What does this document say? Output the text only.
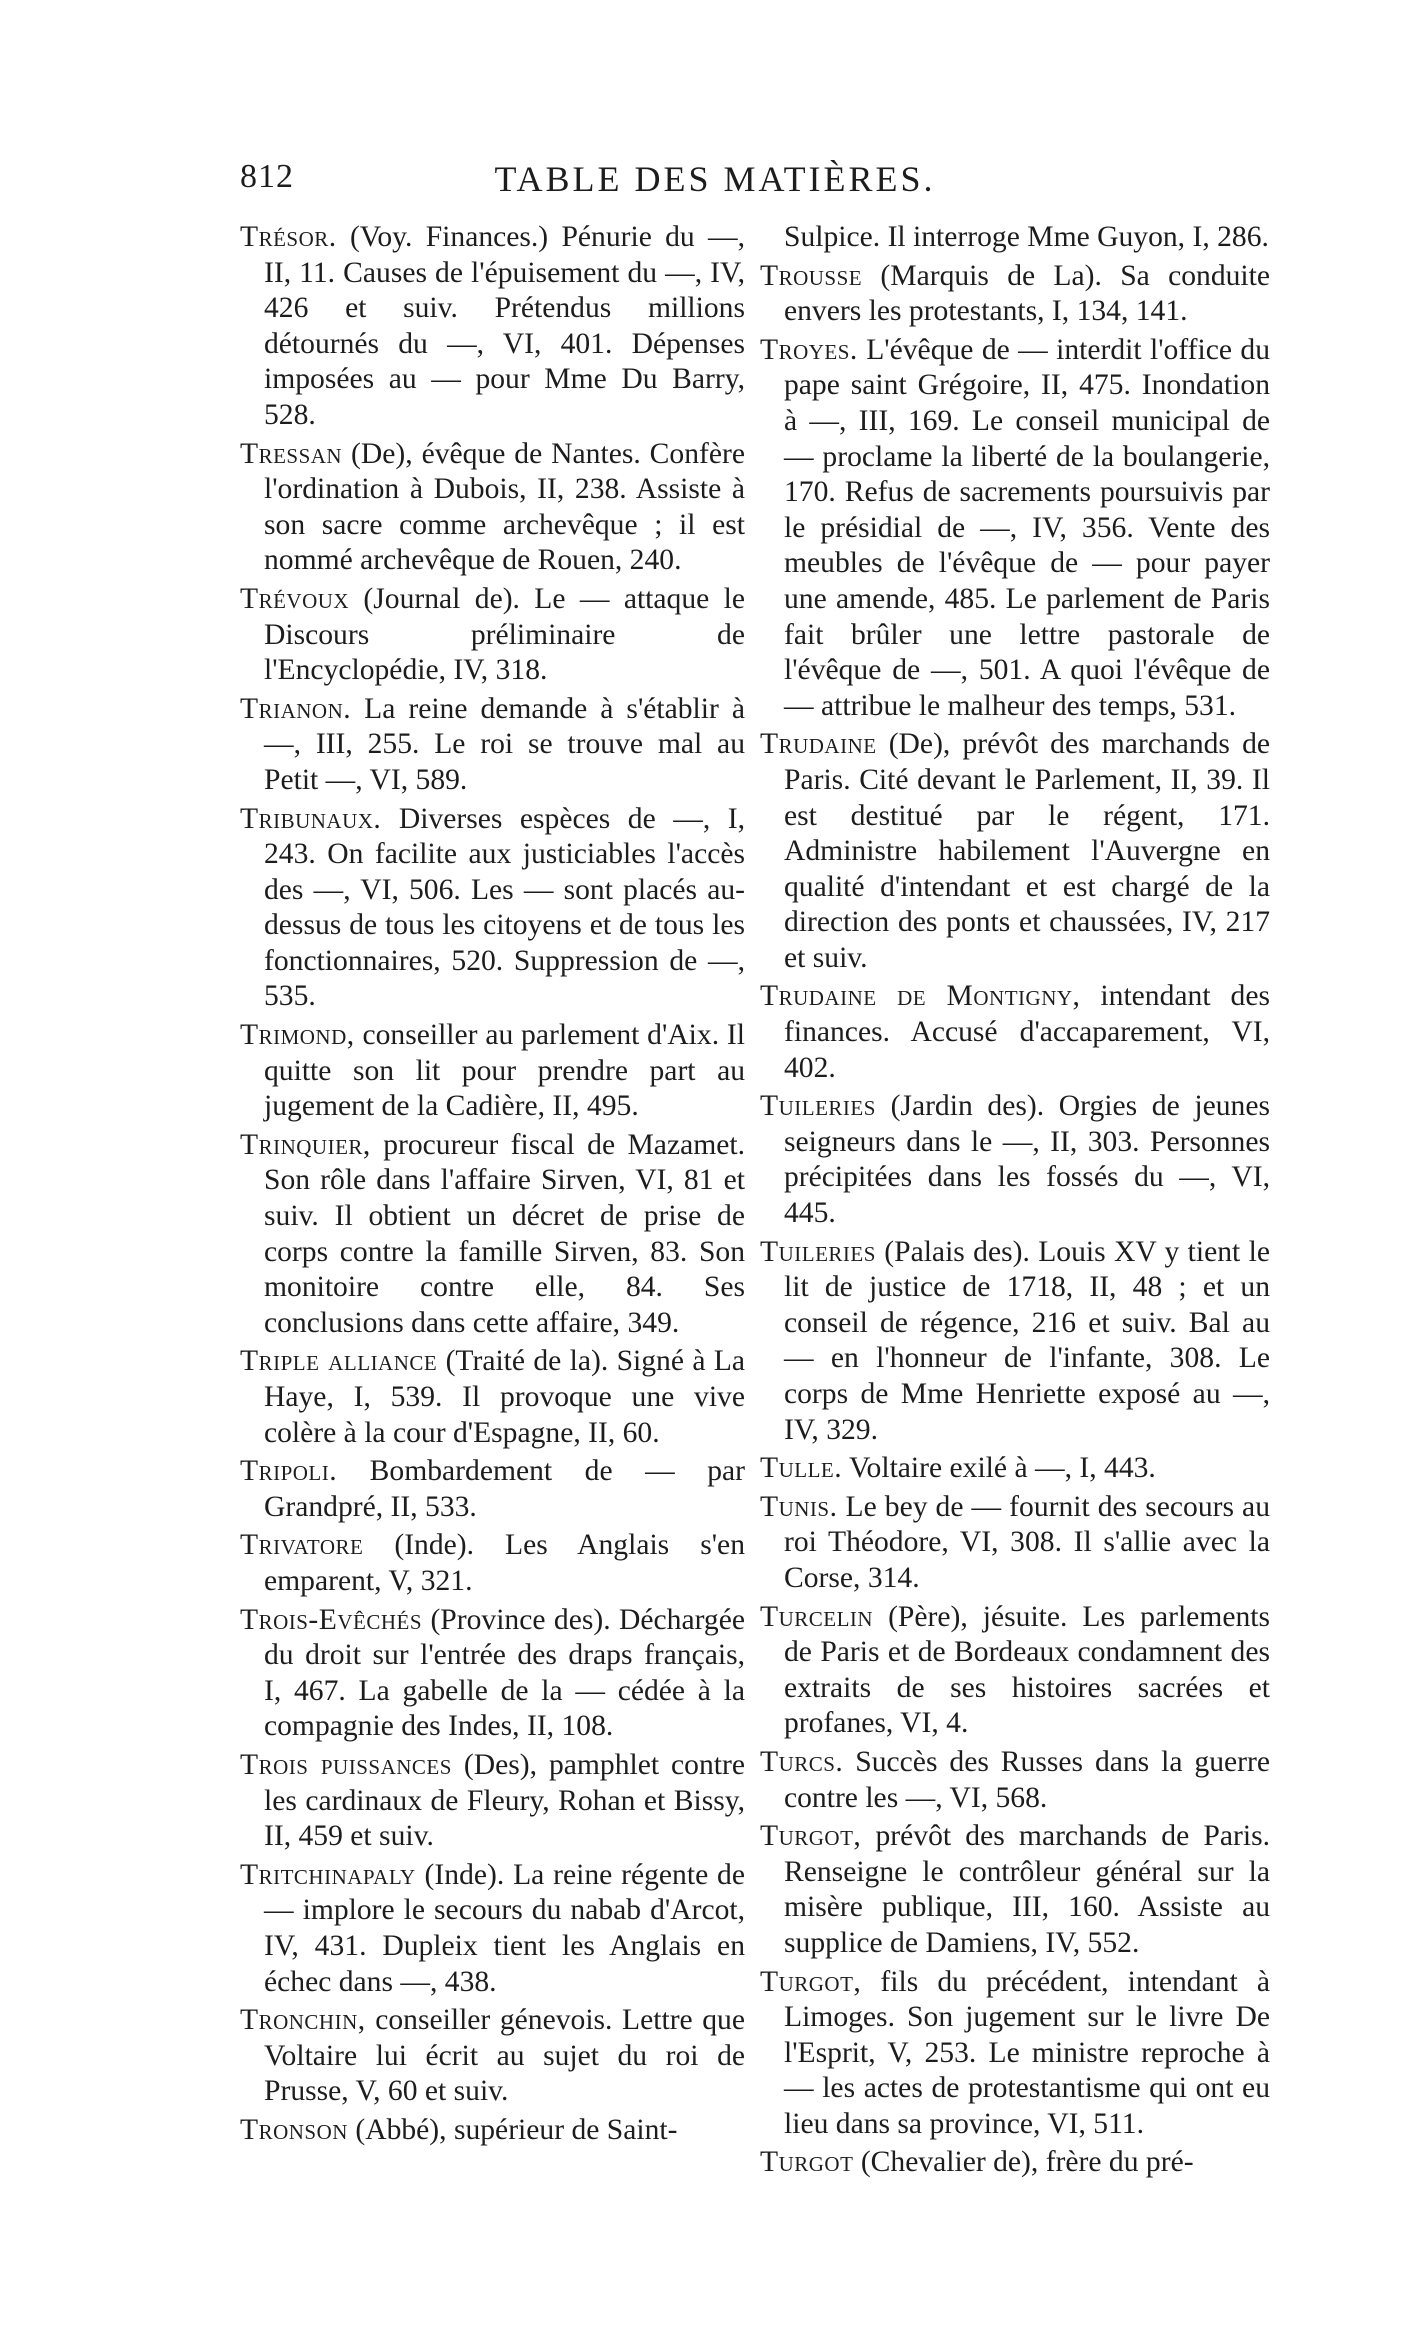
812	TABLE DES MATIÈRES.

Trésor. (Voy. Finances.) Pénurie du —, II, 11. Causes de l'épuisement du —, IV, 426 et suiv. Prétendus millions détournés du —, VI, 401. Dépenses imposées au — pour Mme Du Barry, 528.

Tressan (De), évêque de Nantes. Confère l'ordination à Dubois, II, 238. Assiste à son sacre comme archevêque ; il est nommé archevêque de Rouen, 240.

Trévoux (Journal de). Le — attaque le Discours préliminaire de l'Encyclopédie, IV, 318.

Trianon. La reine demande à s'établir à —, III, 255. Le roi se trouve mal au Petit —, VI, 589.

Tribunaux. Diverses espèces de —, I, 243. On facilite aux justiciables l'accès des —, VI, 506. Les — sont placés au-dessus de tous les citoyens et de tous les fonctionnaires, 520. Suppression de —, 535.

Trimond, conseiller au parlement d'Aix. Il quitte son lit pour prendre part au jugement de la Cadière, II, 495.

Trinquier, procureur fiscal de Mazamet. Son rôle dans l'affaire Sirven, VI, 81 et suiv. Il obtient un décret de prise de corps contre la famille Sirven, 83. Son monitoire contre elle, 84. Ses conclusions dans cette affaire, 349.

Triple alliance (Traité de la). Signé à La Haye, I, 539. Il provoque une vive colère à la cour d'Espagne, II, 60.

Tripoli. Bombardement de — par Grandpré, II, 533.

Trivatore (Inde). Les Anglais s'en emparent, V, 321.

Trois-Evêchés (Province des). Déchargée du droit sur l'entrée des draps français, I, 467. La gabelle de la — cédée à la compagnie des Indes, II, 108.

Trois puissances (Des), pamphlet contre les cardinaux de Fleury, Rohan et Bissy, II, 459 et suiv.

Tritchinapaly (Inde). La reine régente de — implore le secours du nabab d'Arcot, IV, 431. Dupleix tient les Anglais en échec dans —, 438.

Tronchin, conseiller génevois. Lettre que Voltaire lui écrit au sujet du roi de Prusse, V, 60 et suiv.

Tronson (Abbé), supérieur de Saint-

Sulpice. Il interroge Mme Guyon, I, 286.

Trousse (Marquis de La). Sa conduite envers les protestants, I, 134, 141.

Troyes. L'évêque de — interdit l'office du pape saint Grégoire, II, 475. Inondation à —, III, 169. Le conseil municipal de — proclame la liberté de la boulangerie, 170. Refus de sacrements poursuivis par le présidial de —, IV, 356. Vente des meubles de l'évêque de — pour payer une amende, 485. Le parlement de Paris fait brûler une lettre pastorale de l'évêque de —, 501. A quoi l'évêque de — attribue le malheur des temps, 531.

Trudaine (De), prévôt des marchands de Paris. Cité devant le Parlement, II, 39. Il est destitué par le régent, 171. Administre habilement l'Auvergne en qualité d'intendant et est chargé de la direction des ponts et chaussées, IV, 217 et suiv.

Trudaine de Montigny, intendant des finances. Accusé d'accaparement, VI, 402.

Tuileries (Jardin des). Orgies de jeunes seigneurs dans le —, II, 303. Personnes précipitées dans les fossés du —, VI, 445.

Tuileries (Palais des). Louis XV y tient le lit de justice de 1718, II, 48 ; et un conseil de régence, 216 et suiv. Bal au — en l'honneur de l'infante, 308. Le corps de Mme Henriette exposé au —, IV, 329.

Tulle. Voltaire exilé à —, I, 443.

Tunis. Le bey de — fournit des secours au roi Théodore, VI, 308. Il s'allie avec la Corse, 314.

Turcelin (Père), jésuite. Les parlements de Paris et de Bordeaux condamnent des extraits de ses histoires sacrées et profanes, VI, 4.

Turcs. Succès des Russes dans la guerre contre les —, VI, 568.

Turgot, prévôt des marchands de Paris. Renseigne le contrôleur général sur la misère publique, III, 160. Assiste au supplice de Damiens, IV, 552.

Turgot, fils du précédent, intendant à Limoges. Son jugement sur le livre De l'Esprit, V, 253. Le ministre reproche à — les actes de protestantisme qui ont eu lieu dans sa province, VI, 511.

Turgot (Chevalier de), frère du pré-
